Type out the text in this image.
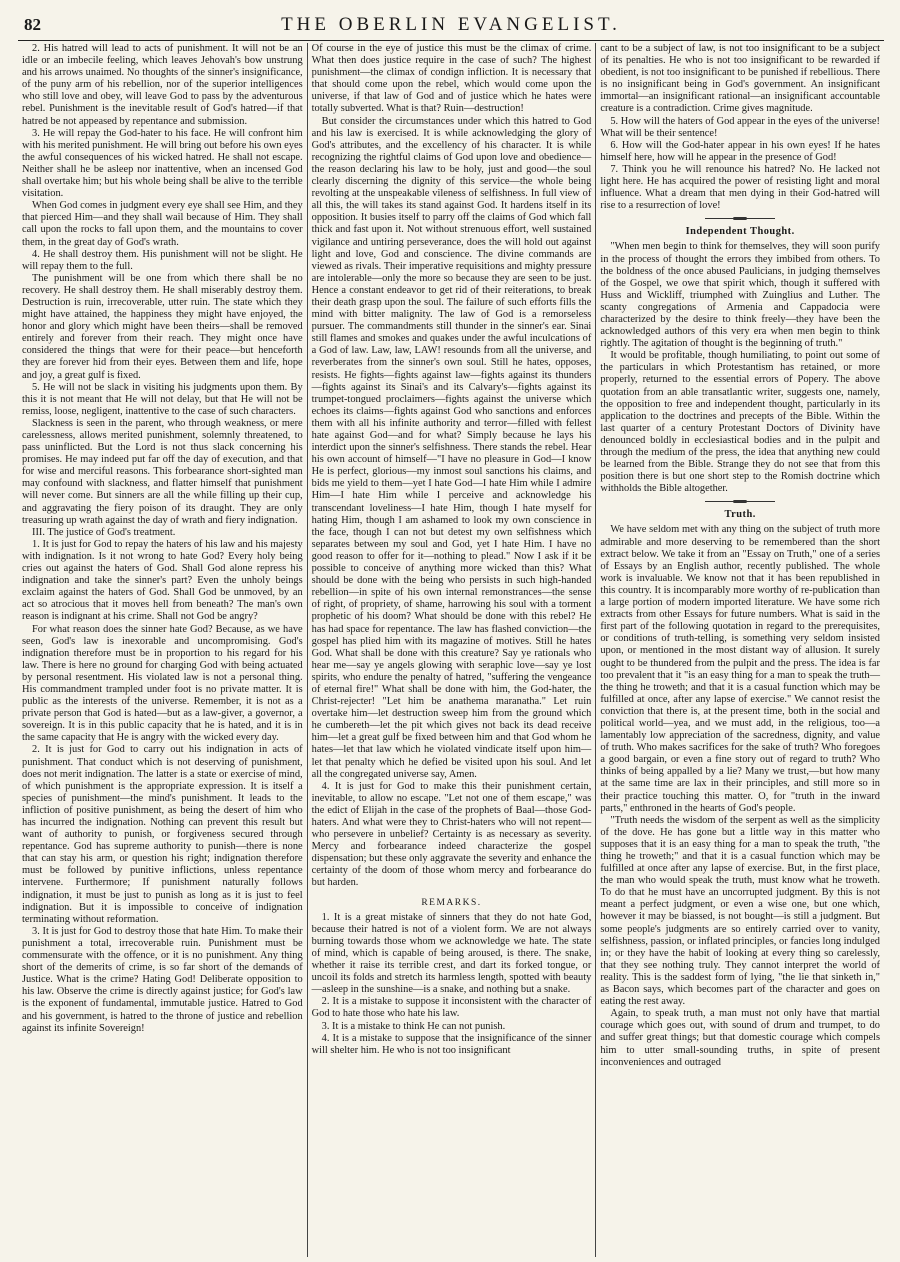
82	THE OBERLIN EVANGELIST.

2. His hatred will lead to acts of punishment. It will not be an idle or an imbecile feeling, which leaves Jehovah's bow unstrung and his arrows unaimed. No thoughts of the sinner's insignificance, of the puny arm of his rebellion, nor of the superior intelligences who still love and obey, will leave God to pass by the adventurous rebel. Punishment is the inevitable result of God's hatred—if that hatred be not appeased by repentance and submission.

3. He will repay the God-hater to his face. He will confront him with his merited punishment. He will bring out before his own eyes the awful consequences of his wicked hatred. He shall not escape. Neither shall he be asleep nor inattentive, when an incensed God shall overtake him; but his whole being shall be alive to the terrible visitation.

When God comes in judgment every eye shall see Him, and they that pierced Him—and they shall wail because of Him. They shall call upon the rocks to fall upon them, and the mountains to cover them, in the great day of God's wrath.

4. He shall destroy them. His punishment will not be slight. He will repay them to the full.

The punishment will be one from which there shall be no recovery. He shall destroy them. He shall miserably destroy them. Destruction is ruin, irrecoverable, utter ruin. The state which they might have attained, the happiness they might have enjoyed, the honor and glory which might have been theirs—shall be removed entirely and forever from their reach. They might once have considered the things that were for their peace—but henceforth they are forever hid from their eyes. Between them and life, hope and joy, a great gulf is fixed.

5. He will not be slack in visiting his judgments upon them. By this it is not meant that He will not delay, but that He will not be remiss, loose, negligent, inattentive to the case of such characters.

Slackness is seen in the parent, who through weakness, or mere carelessness, allows merited punishment, solemnly threatened, to pass uninflicted. But the Lord is not thus slack concerning his promises. He may indeed put far off the day of execution, and that for wise and merciful reasons. This forbearance short-sighted man may confound with slackness, and flatter himself that punishment will never come. But sinners are all the while filling up their cup, and aggravating the fiery poison of its draught. They are only treasuring up wrath against the day of wrath and fiery indignation.

III. The justice of God's treatment.

1. It is just for God to repay the haters of his law and his majesty with indignation. Is it not wrong to hate God? Every holy being cries out against the haters of God. Shall God alone repress his indignation and take the sinner's part? Even the unholy beings exclaim against the haters of God. Shall God be unmoved, by an act so atrocious that it moves hell from beneath? The man's own reason is indignant at his crime. Shall not God be angry?

For what reason does the sinner hate God? Because, as we have seen, God's law is inexorable and uncompromising. God's indignation therefore must be in proportion to his regard for his law. There is here no ground for charging God with being actuated by personal resentment. His violated law is not a personal thing. His commandment trampled under foot is no private matter. It is public as the interests of the universe. Remember, it is not as a private person that God is hated—but as a law-giver, a governor, a sovereign. It is in this public capacity that he is hated, and it is in the same capacity that He is angry with the wicked every day.

2. It is just for God to carry out his indignation in acts of punishment. That conduct which is not deserving of punishment, does not merit indignation. The latter is a state or exercise of mind, of which punishment is the appropriate expression. It is itself a species of punishment—the mind's punishment. It leads to the infliction of positive punishment, as being the desert of him who has incurred the indignation. Nothing can prevent this result but want of authority to punish, or forgiveness secured through repentance. God has supreme authority to punish—there is none that can stay his arm, or question his right; indignation therefore must be followed by punitive inflictions, unless repentance intervene. Furthermore; If punishment naturally follows indignation, it must be just to punish as long as it is just to feel indignation. But it is impossible to conceive of indignation terminating without reformation.

3. It is just for God to destroy those that hate Him. To make their punishment a total, irrecoverable ruin. Punishment must be commensurate with the offence, or it is no punishment. Any thing short of the demerits of crime, is so far short of the demands of Justice. What is the crime? Hating God! Deliberate opposition to his law. Observe the crime is directly against justice; for God's law is the exponent of fundamental, immutable justice. Hatred to God and his government, is hatred to the throne of justice and rebellion against its infinite Sovereign!

Of course in the eye of justice this must be the climax of crime. What then does justice require in the case of such? The highest punishment—the climax of condign infliction. It is necessary that that should come upon the rebel, which would come upon the universe, if that law of God and of justice which he hates were totally subverted. What is that? Ruin—destruction!

But consider the circumstances under which this hatred to God and his law is exercised. It is while acknowledging the glory of God's attributes, and the excellency of his character. It is while recognizing the rightful claims of God upon love and obedience—the reason declaring his law to be holy, just and good—the soul clearly discerning the dignity of this service—the whole being revolting at the unspeakable vileness of selfishness. In full view of all this, the will takes its stand against God. It hardens itself in its opposition. It busies itself to parry off the claims of God which fall thick and fast upon it. Not without strenuous effort, well sustained vigilance and untiring perseverance, does the will hold out against light and love, God and conscience. The divine commands are viewed as rivals. Their imperative requisitions and mighty pressure are intolerable—only the more so because they are seen to be just. Hence a constant endeavor to get rid of their reiterations, to break their death grasp upon the soul. The failure of such efforts fills the mind with bitter malignity. The law of God is a remorseless pursuer. The commandments still thunder in the sinner's ear. Sinai still flames and smokes and quakes under the awful inculcations of a God of law. Law, law, LAW! resounds from all the universe, and reverberates from the sinner's own soul. Still he hates, opposes, resists. He fights—fights against law—fights against its thunders—fights against its Sinai's and its Calvary's—fights against its trumpet-tongued proclaimers—fights against the universe which echoes its claims—fights against God who sanctions and enforces them with all his infinite authority and terror—filled with fellest hate against God—and for what? Simply because he lays his interdict upon the sinner's selfishness. There stands the rebel. Hear his own account of himself—"I have no pleasure in God—I know He is perfect, glorious—my inmost soul sanctions his claims, and bids me yield to them—yet I hate God—I hate Him while I admire Him—I hate Him while I perceive and acknowledge his transcendant loveliness—I hate Him, though I hate myself for hating Him, though I am ashamed to look my own conscience in the face, though I can not but detest my own selfishness which separates between my soul and God, yet I hate Him. I have no good reason to offer for it—nothing to plead." Now I ask if it be possible to conceive of anything more wicked than this? What should be done with the being who persists in such high-handed rebellion—in spite of his own internal remonstrances—the sense of right, of propriety, of shame, harrowing his soul with a torment prophetic of his doom? What should be done with this rebel? He has had space for repentance. The law has flashed conviction—the gospel has plied him with its magazine of motives. Still he hates God. What shall be done with this creature? Say ye rationals who hear me—say ye angels glowing with seraphic love—say ye lost spirits, who endure the penalty of hatred, "suffering the vengeance of eternal fire!" What shall be done with him, the God-hater, the Christ-rejecter! "Let him be anathema maranatha." Let ruin overtake him—let destruction sweep him from the ground which he cumbereth—let the pit which gives not back its dead receive him—let a great gulf be fixed between him and that God whom he hates—let that law which he violated vindicate itself upon him—let that penalty which he defied be visited upon his soul. And let all the congregated universe say, Amen.

4. It is just for God to make this their punishment certain, inevitable, to allow no escape. "Let not one of them escape," was the edict of Elijah in the case of the prophets of Baal—those God-haters. And what were they to Christ-haters who will not repent—who persevere in unbelief? Certainty is as necessary as severity. Mercy and forbearance indeed characterize the gospel dispensation; but these only aggravate the severity and enhance the certainty of the doom of those whom mercy and forbearance do but harden.

REMARKS.

1. It is a great mistake of sinners that they do not hate God, because their hatred is not of a violent form. We are not always burning towards those whom we acknowledge we hate. The state of mind, which is capable of being aroused, is there. The snake, whether it raise its terrible crest, and dart its forked tongue, or uncoil its folds and stretch its harmless length, spotted with beauty—asleep in the sunshine—is a snake, and nothing but a snake.

2. It is a mistake to suppose it inconsistent with the character of God to hate those who hate his law.

3. It is a mistake to think He can not punish.

4. It is a mistake to suppose that the insignificance of the sinner will shelter him. He who is not too insignificant

cant to be a subject of law, is not too insignificant to be a subject of its penalties. He who is not too insignificant to be rewarded if obedient, is not too insignificant to be punished if rebellious. There is no insignificant being in God's government. An insignificant immortal—an insignificant rational—an insignificant accountable creature is a contradiction. Crime gives magnitude.

5. How will the haters of God appear in the eyes of the universe! What will be their sentence!

6. How will the God-hater appear in his own eyes! If he hates himself here, how will he appear in the presence of God!

7. Think you he will renounce his hatred? No. He lacked not light here. He has acquired the power of resisting light and moral influence. What a dream that men dying in their God-hatred will rise to a resurrection of love!

Independent Thought.

"When men begin to think for themselves, they will soon purify in the process of thought the errors they imbibed from others. To the boldness of the once abused Paulicians, in judging themselves of the Gospel, we owe that spirit which, though it suffered with Huss and Wickliff, triumphed with Zuinglius and Luther. The scanty congregations of Armenia and Cappadocia were characterized by the desire to think freely—they have been the acknowledged authors of this very era when men begin to think rightly. The agitation of thought is the beginning of truth."

It would be profitable, though humiliating, to point out some of the particulars in which Protestantism has retained, or more properly, returned to the essential errors of Popery. The above quotation from an able transatlantic writer, suggests one, namely, the opposition to free and independent thought, particularly in its application to the doctrines and precepts of the Bible. Within the last quarter of a century Protestant Doctors of Divinity have denounced boldly in ecclesiastical bodies and in the pulpit and through the medium of the press, the idea that anything new could be learned from the Bible. Strange they do not see that from this position there is but one short step to the Romish doctrine which withholds the Bible altogether.

Truth.

We have seldom met with any thing on the subject of truth more admirable and more deserving to be remembered than the short extract below. We take it from an "Essay on Truth," one of a series of Essays by an English author, recently published. The whole work is invaluable. We know not that it has been republished in this country. It is incomparably more worthy of re-publication than a large portion of modern imported literature. We have some rich extracts from other Essays for future numbers. What is said in the first part of the following quotation in regard to the prerequisites, or conditions of truth-telling, is something very seldom insisted upon, or mentioned in the most distant way of allusion. It surely ought to be thundered from the pulpit and the press. The idea is far too prevalent that it "is an easy thing for a man to speak the truth—the thing he troweth; and that it is a casual function which may be fulfilled at once, after any lapse of exercise." We cannot resist the conviction that there is, at the present time, both in the social and political world—yea, and we must add, in the religious, too—a lamentably low appreciation of the sacredness, dignity, and value of truth. Who makes sacrifices for the sake of truth? Who foregoes a good bargain, or even a fine story out of regard to truth? Who thinks of being appalled by a lie? Many we trust,—but how many at the same time are lax in their principles, and still more so in their practice touching this matter. O, for "truth in the inward parts," enthroned in the hearts of God's people.

"Truth needs the wisdom of the serpent as well as the simplicity of the dove. He has gone but a little way in this matter who supposes that it is an easy thing for a man to speak the truth, "the thing he troweth;" and that it is a casual function which may be fulfilled at once after any lapse of exercise. But, in the first place, the man who would speak the truth, must know what he troweth. To do that he must have an uncorrupted judgment. By this is not meant a perfect judgment, or even a wise one, but one which, however it may be biassed, is not bought—is still a judgment. But some people's judgments are so entirely carried over to vanity, selfishness, passion, or inflated principles, or fancies long indulged in; or they have the habit of looking at every thing so carelessly, that they see nothing truly. They cannot interpret the world of reality. This is the saddest form of lying, "the lie that sinketh in," as Bacon says, which becomes part of the character and goes on eating the rest away.

Again, to speak truth, a man must not only have that martial courage which goes out, with sound of drum and trumpet, to do and suffer great things; but that domestic courage which compels him to utter small-sounding truths, in spite of present inconveniences and outraged
